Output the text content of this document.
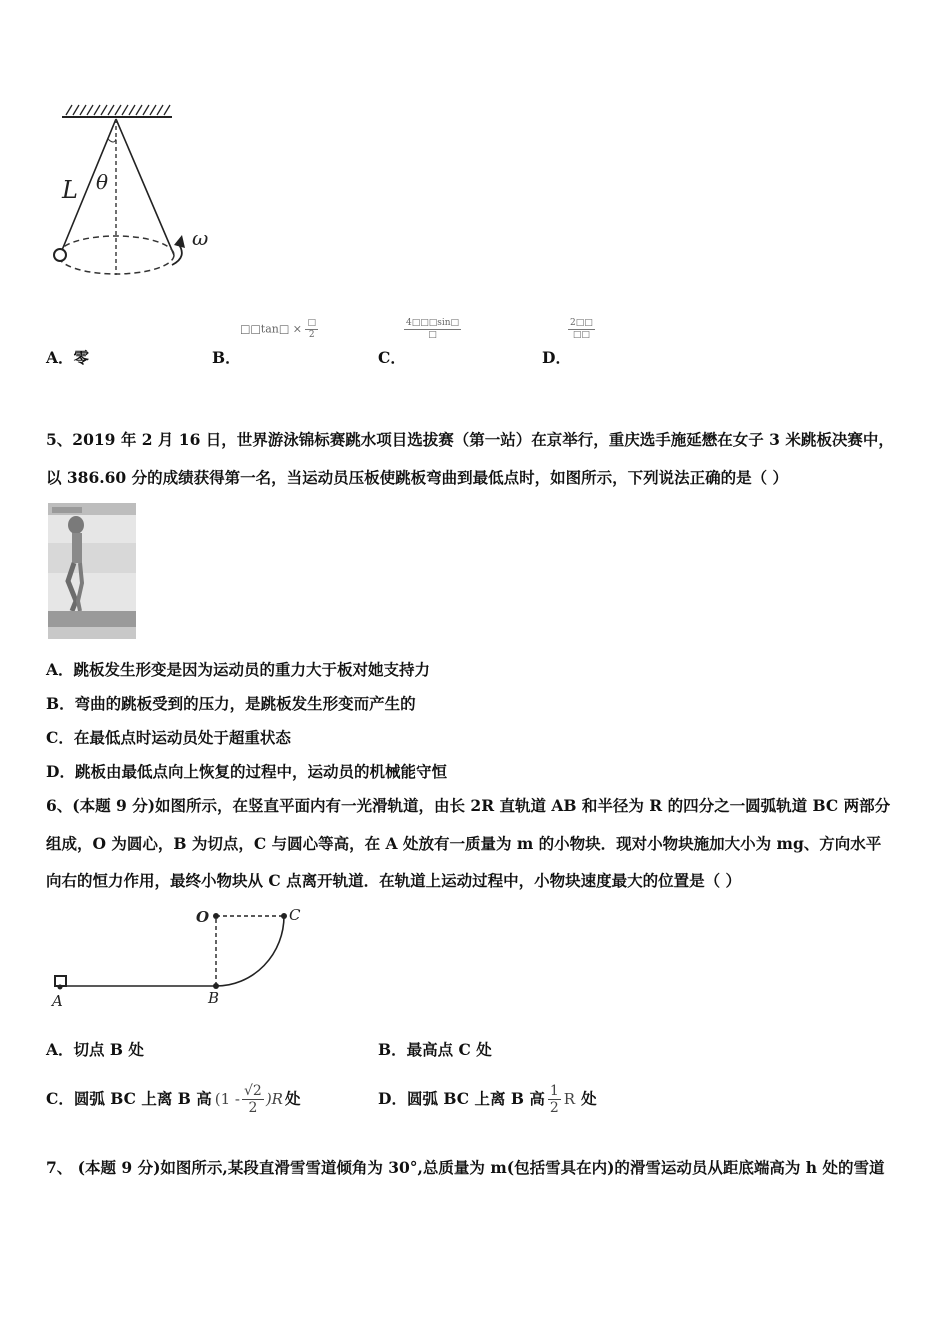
L θ
ω
A．零	B．
□□tan□ × $\frac{□}{2}$
C．
$\frac{4□□□\sin□}{□}$
D．
$\frac{2□□}{□□}$
5、2019 年 2 月 16 日，世界游泳锦标赛跳水项目选拔赛（第一站）在京举行，重庆选手施延懋在女子 3 米跳板决赛中，
以 386.60 分的成绩获得第一名，当运动员压板使跳板弯曲到最低点时，如图所示，下列说法正确的是（ ）
A．跳板发生形变是因为运动员的重力大于板对她支持力
B．弯曲的跳板受到的压力，是跳板发生形变而产生的
C．在最低点时运动员处于超重状态
D．跳板由最低点向上恢复的过程中，运动员的机械能守恒
6、(本题 9 分)如图所示，在竖直平面内有一光滑轨道，由长 2R 直轨道 AB 和半径为 R 的四分之一圆弧轨道 BC 两部分
组成，O 为圆心，B 为切点，C 与圆心等高，在 A 处放有一质量为 m 的小物块．现对小物块施加大小为 mg、方向水平
向右的恒力作用，最终小物块从 C 点离开轨道．在轨道上运动过程中，小物块速度最大的位置是（ ）
O	C
A	B
A．切点 B 处	B．最高点 C 处
C．圆弧 BC 上离 B 高 $(1 - \frac{√2}{2} )R$ 处	D．圆弧 BC 上离 B 高 $\frac{1}{2}$ R 处
7、 (本题 9 分)如图所示,某段直滑雪雪道倾角为 30°,总质量为 m(包括雪具在内)的滑雪运动员从距底端高为 h 处的雪道
